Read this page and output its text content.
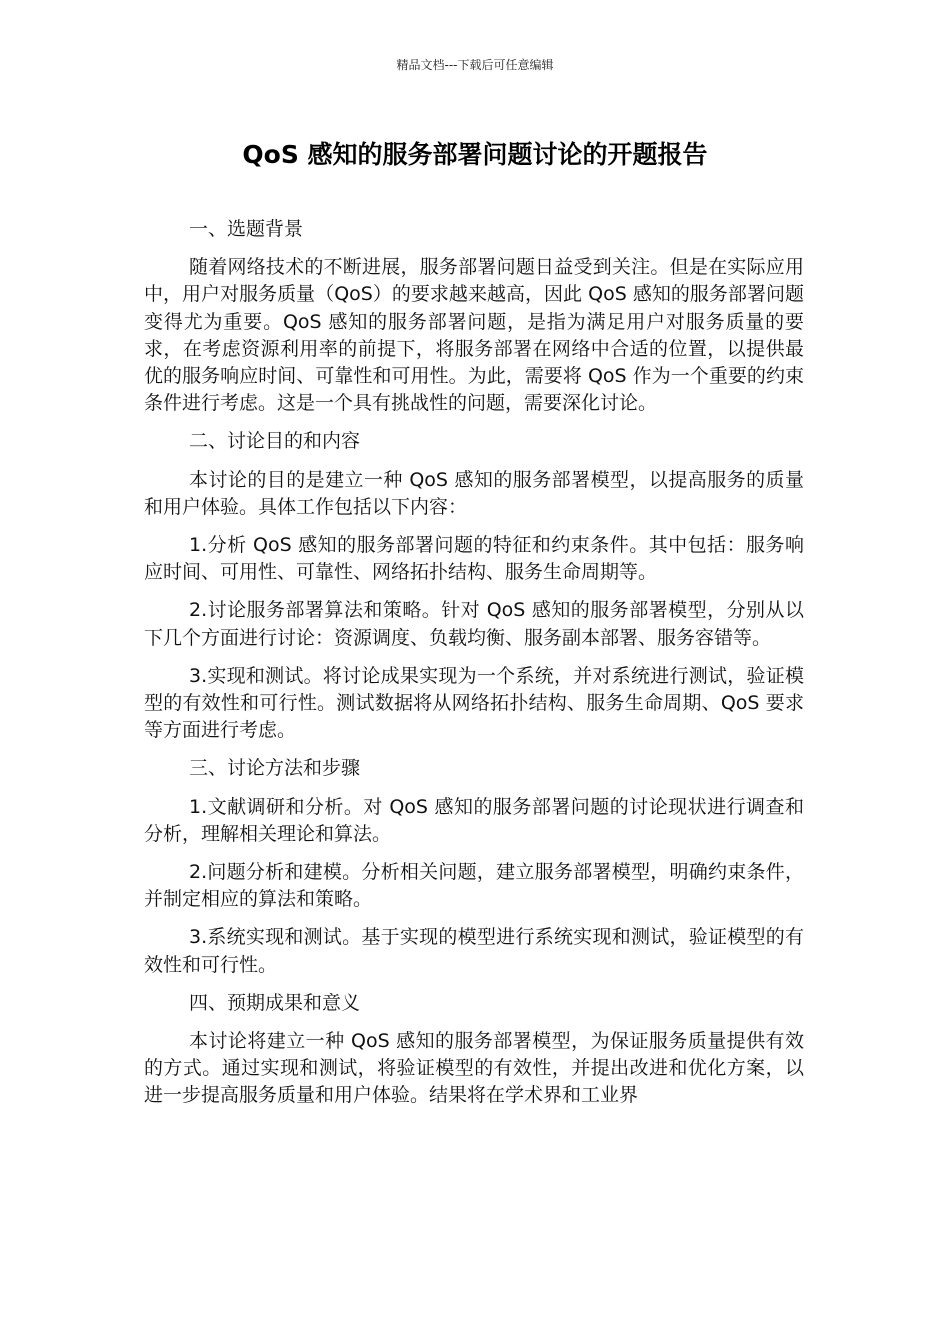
精品文档---下载后可任意编辑
QoS 感知的服务部署问题讨论的开题报告

一、选题背景

随着网络技术的不断进展，服务部署问题日益受到关注。但是在实际应用中，用户对服务质量（QoS）的要求越来越高，因此 QoS 感知的服务部署问题变得尤为重要。QoS 感知的服务部署问题，是指为满足用户对服务质量的要求，在考虑资源利用率的前提下，将服务部署在网络中合适的位置，以提供最优的服务响应时间、可靠性和可用性。为此，需要将 QoS 作为一个重要的约束条件进行考虑。这是一个具有挑战性的问题，需要深化讨论。

二、讨论目的和内容

本讨论的目的是建立一种 QoS 感知的服务部署模型，以提高服务的质量和用户体验。具体工作包括以下内容：

1.分析 QoS 感知的服务部署问题的特征和约束条件。其中包括：服务响应时间、可用性、可靠性、网络拓扑结构、服务生命周期等。

2.讨论服务部署算法和策略。针对 QoS 感知的服务部署模型，分别从以下几个方面进行讨论：资源调度、负载均衡、服务副本部署、服务容错等。

3.实现和测试。将讨论成果实现为一个系统，并对系统进行测试，验证模型的有效性和可行性。测试数据将从网络拓扑结构、服务生命周期、QoS 要求等方面进行考虑。

三、讨论方法和步骤

1.文献调研和分析。对 QoS 感知的服务部署问题的讨论现状进行调查和分析，理解相关理论和算法。

2.问题分析和建模。分析相关问题，建立服务部署模型，明确约束条件，并制定相应的算法和策略。

3.系统实现和测试。基于实现的模型进行系统实现和测试，验证模型的有效性和可行性。

四、预期成果和意义

本讨论将建立一种 QoS 感知的服务部署模型，为保证服务质量提供有效的方式。通过实现和测试，将验证模型的有效性，并提出改进和优化方案，以进一步提高服务质量和用户体验。结果将在学术界和工业界
